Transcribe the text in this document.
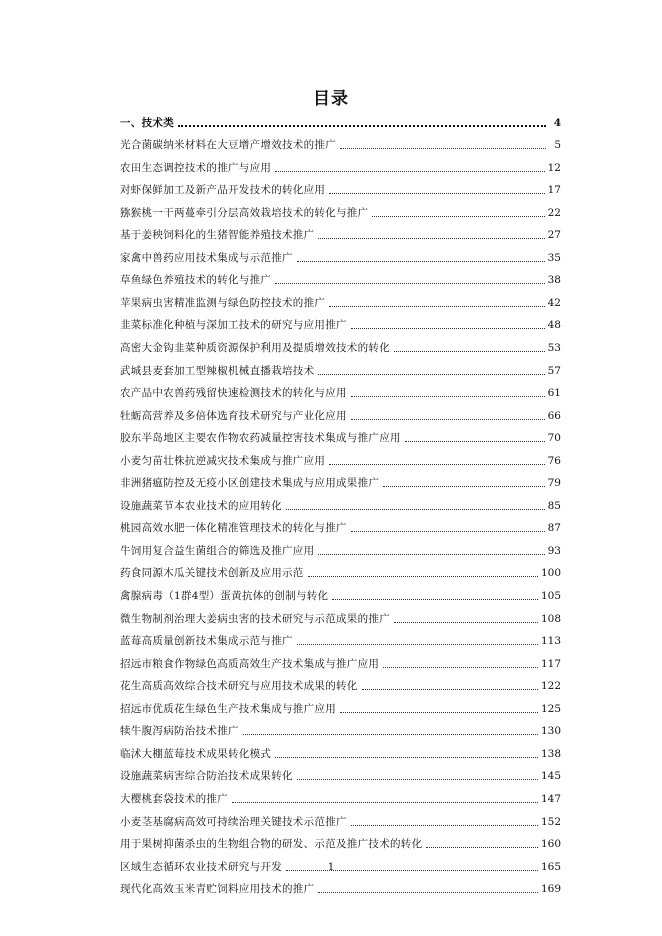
目录
一、技术类	4
光合菌碳纳米材料在大豆增产增效技术的推广	5
农田生态调控技术的推广与应用	12
对虾保鲜加工及新产品开发技术的转化应用	17
猕猴桃一干两蔓牵引分层高效栽培技术的转化与推广	22
基于姜秧饲料化的生猪智能养殖技术推广	27
家禽中兽药应用技术集成与示范推广	35
草鱼绿色养殖技术的转化与推广	38
苹果病虫害精准监测与绿色防控技术的推广	42
韭菜标准化种植与深加工技术的研究与应用推广	48
高密大金钩韭菜种质资源保护利用及提质增效技术的转化	53
武城县麦套加工型辣椒机械直播栽培技术	57
农产品中农兽药残留快速检测技术的转化与应用	61
牡蛎高营养及多倍体选育技术研究与产业化应用	66
胶东半岛地区主要农作物农药减量控害技术集成与推广应用	70
小麦匀苗壮株抗逆减灾技术集成与推广应用	76
非洲猪瘟防控及无疫小区创建技术集成与应用成果推广	79
设施蔬菜节本农业技术的应用转化	85
桃园高效水肥一体化精准管理技术的转化与推广	87
牛饲用复合益生菌组合的筛选及推广应用	93
药食同源木瓜关键技术创新及应用示范	100
禽腺病毒（1群4型）蛋黄抗体的创制与转化	105
微生物制剂治理大姜病虫害的技术研究与示范成果的推广	108
蓝莓高质量创新技术集成示范与推广	113
招远市粮食作物绿色高质高效生产技术集成与推广应用	117
花生高质高效综合技术研究与应用技术成果的转化	122
招远市优质花生绿色生产技术集成与推广应用	125
犊牛腹泻病防治技术推广	130
临沭大棚蓝莓技术成果转化模式	138
设施蔬菜病害综合防治技术成果转化	145
大樱桃套袋技术的推广	147
小麦茎基腐病高效可持续治理关键技术示范推广	152
用于果树抑菌杀虫的生物组合物的研发、示范及推广技术的转化	160
区域生态循环农业技术研究与开发	165
现代化高效玉米青贮饲料应用技术的推广	169
1
